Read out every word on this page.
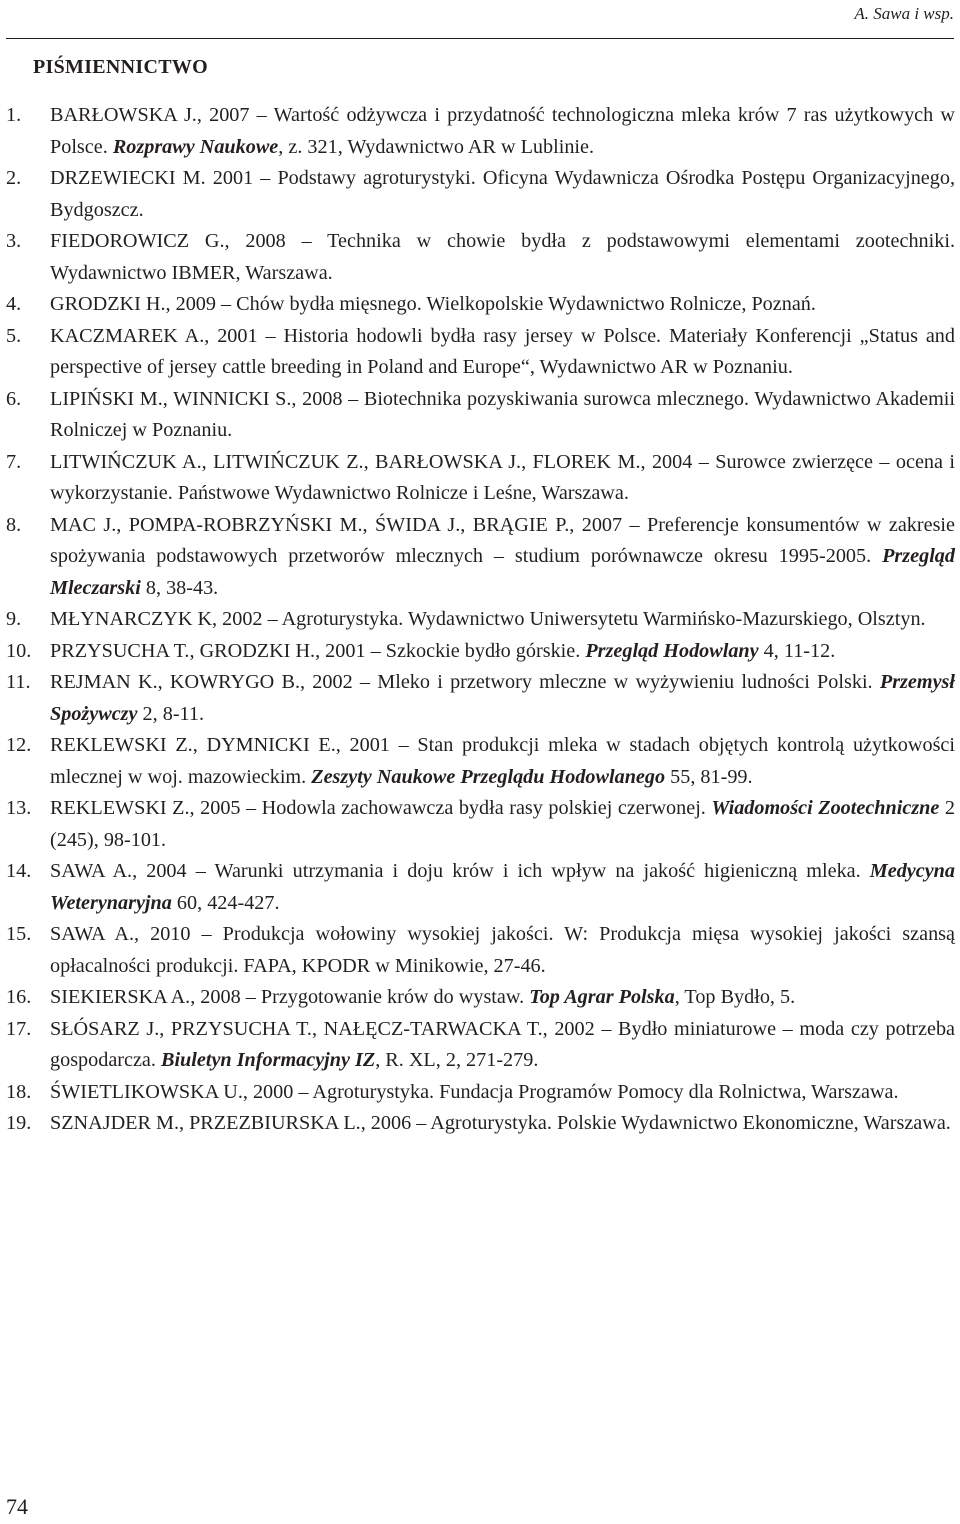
A. Sawa i wsp.
PIŚMIENNICTWO
1. BARŁOWSKA J., 2007 – Wartość odżywcza i przydatność technologiczna mleka krów 7 ras użytkowych w Polsce. Rozprawy Naukowe, z. 321, Wydawnictwo AR w Lublinie.
2. DRZEWIECKI M. 2001 – Podstawy agroturystyki. Oficyna Wydawnicza Ośrodka Postępu Organizacyjnego, Bydgoszcz.
3. FIEDOROWICZ G., 2008 – Technika w chowie bydła z podstawowymi elementami zootechniki. Wydawnictwo IBMER, Warszawa.
4. GRODZKI H., 2009 – Chów bydła mięsnego. Wielkopolskie Wydawnictwo Rolnicze, Poznań.
5. KACZMAREK A., 2001 – Historia hodowli bydła rasy jersey w Polsce. Materiały Konferencji „Status and perspective of jersey cattle breeding in Poland and Europe“, Wydawnictwo AR w Poznaniu.
6. LIPIŃSKI M., WINNICKI S., 2008 – Biotechnika pozyskiwania surowca mlecznego. Wydawnictwo Akademii Rolniczej w Poznaniu.
7. LITWIŃCZUK A., LITWIŃCZUK Z., BARŁOWSKA J., FLOREK M., 2004 – Surowce zwierzęce – ocena i wykorzystanie. Państwowe Wydawnictwo Rolnicze i Leśne, Warszawa.
8. MAC J., POMPA-ROBRZYŃSKI M., ŚWIDA J., BRĄGIE P., 2007 – Preferencje konsumentów w zakresie spożywania podstawowych przetworów mlecznych – studium porównawcze okresu 1995-2005. Przegląd Mleczarski 8, 38-43.
9. MŁYNARCZYK K, 2002 – Agroturystyka. Wydawnictwo Uniwersytetu Warmińsko-Mazurskiego, Olsztyn.
10. PRZYSUCHA T., GRODZKI H., 2001 – Szkockie bydło górskie. Przegląd Hodowlany 4, 11-12.
11. REJMAN K., KOWRYGO B., 2002 – Mleko i przetwory mleczne w wyżywieniu ludności Polski. Przemysł Spożywczy 2, 8-11.
12. REKLEWSKI Z., DYMNICKI E., 2001 – Stan produkcji mleka w stadach objętych kontrolą użytkowości mlecznej w woj. mazowieckim. Zeszyty Naukowe Przeglądu Hodowlanego 55, 81-99.
13. REKLEWSKI Z., 2005 – Hodowla zachowawcza bydła rasy polskiej czerwonej. Wiadomości Zootechniczne 2 (245), 98-101.
14. SAWA A., 2004 – Warunki utrzymania i doju krów i ich wpływ na jakość higieniczną mleka. Medycyna Weterynaryjna 60, 424-427.
15. SAWA A., 2010 – Produkcja wołowiny wysokiej jakości. W: Produkcja mięsa wysokiej jakości szansą opłacalności produkcji. FAPA, KPODR w Minikowie, 27-46.
16. SIEKIERSKA A., 2008 – Przygotowanie krów do wystaw. Top Agrar Polska, Top Bydło, 5.
17. SŁÓSARZ J., PRZYSUCHA T., NAŁĘCZ-TARWACKA T., 2002 – Bydło miniaturowe – moda czy potrzeba gospodarcza. Biuletyn Informacyjny IZ, R. XL, 2, 271-279.
18. ŚWIETLIKOWSKA U., 2000 – Agroturystyka. Fundacja Programów Pomocy dla Rolnictwa, Warszawa.
19. SZNAJDER M., PRZEZBIURSKA L., 2006 – Agroturystyka. Polskie Wydawnictwo Ekonomiczne, Warszawa.
74
